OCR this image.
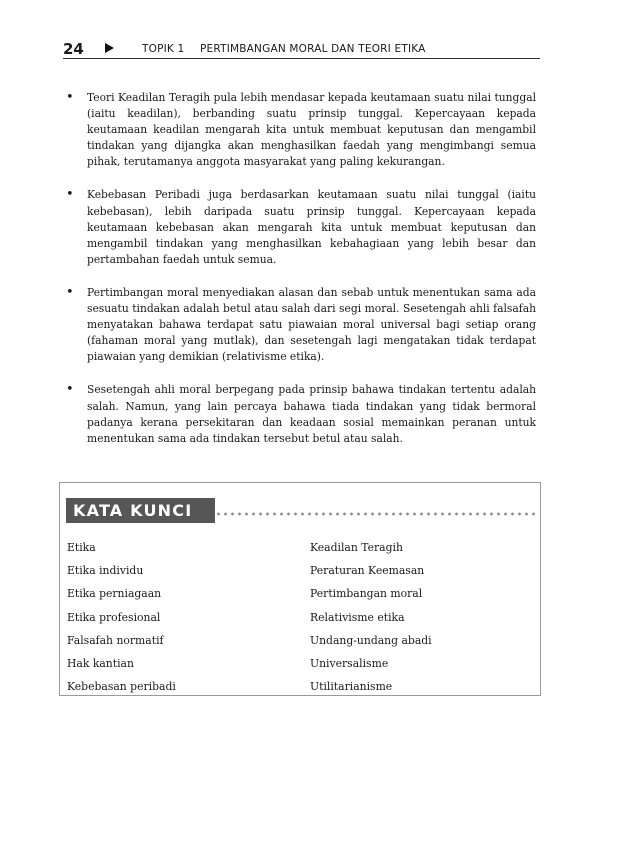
24	TOPIK 1 PERTIMBANGAN MORAL DAN TEORI ETIKA
• Teori Keadilan Teragih pula lebih mendasar kepada keutamaan suatu nilai tunggal (iaitu keadilan), berbanding suatu prinsip tunggal. Kepercayaan kepada keutamaan keadilan mengarah kita untuk membuat keputusan dan mengambil tindakan yang dijangka akan menghasilkan faedah yang mengimbangi semua pihak, terutamanya anggota masyarakat yang paling kekurangan.
• Kebebasan Peribadi juga berdasarkan keutamaan suatu nilai tunggal (iaitu kebebasan), lebih daripada suatu prinsip tunggal. Kepercayaan kepada keutamaan kebebasan akan mengarah kita untuk membuat keputusan dan mengambil tindakan yang menghasilkan kebahagiaan yang lebih besar dan pertambahan faedah untuk semua.
• Pertimbangan moral menyediakan alasan dan sebab untuk menentukan sama ada sesuatu tindakan adalah betul atau salah dari segi moral. Sesetengah ahli falsafah menyatakan bahawa terdapat satu piawaian moral universal bagi setiap orang (fahaman moral yang mutlak), dan sesetengah lagi mengatakan tidak terdapat piawaian yang demikian (relativisme etika).
• Sesetengah ahli moral berpegang pada prinsip bahawa tindakan tertentu adalah salah. Namun, yang lain percaya bahawa tiada tindakan yang tidak bermoral padanya kerana persekitaran dan keadaan sosial memainkan peranan untuk menentukan sama ada tindakan tersebut betul atau salah.
KATA KUNCI
Etika	Keadilan Teragih
Etika individu	Peraturan Keemasan
Etika perniagaan	Pertimbangan moral
Etika profesional	Relativisme etika
Falsafah normatif	Undang-undang abadi
Hak kantian	Universalisme
Kebebasan peribadi	Utilitarianisme
